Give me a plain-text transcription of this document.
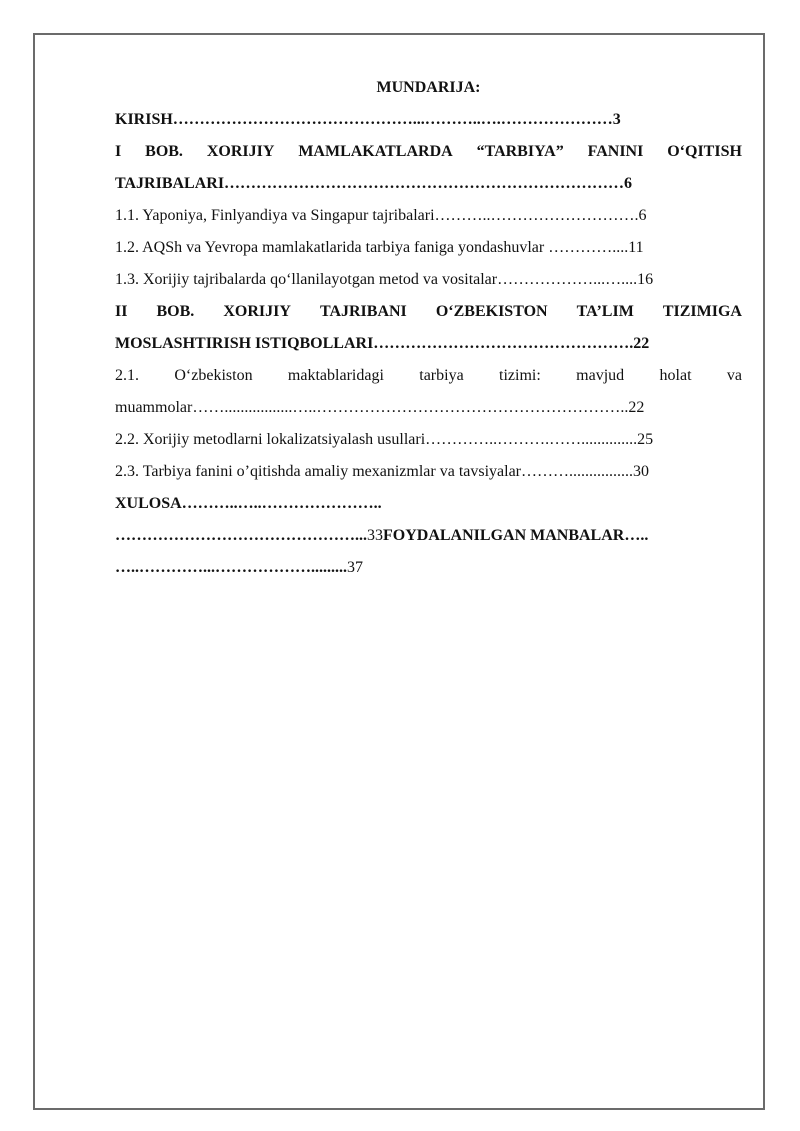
MUNDARIJA:
KIRISH………………………………………...………..….…………………3
I BOB. XORIJIY MAMLAKATLARDA “TARBIYA” FANINI O‘QITISH
TAJRIBALARI…………………………………………………………………6
1.1. Yaponiya, Finlyandiya va Singapur tajribalari………..……………………….6
1.2. AQSh va Yevropa mamlakatlarida tarbiya faniga yondashuvlar …………....11
1.3. Xorijiy tajribalarda qo‘llanilayotgan metod va vositalar………………...…....16
II BOB. XORIJIY TAJRIBANI O‘ZBEKISTON TA’LIM TIZIMIGA
MOSLASHTIRISH ISTIQBOLLARI………………………………………….22
2.1. O‘zbekiston maktablaridagi tarbiya tizimi: mavjud holat va
muammolar…….................…..…………………………………………………..22
2.2. Xorijiy metodlarni lokalizatsiyalash usullari…………..……….……..............25
2.3. Tarbiya fanini o’qitishda amaliy mexanizmlar va tavsiyalar………................30
XULOSA………..…..…………………..
………………………………………...33FOYDALANILGAN MANBALAR…..
…..…………...……………….........37
